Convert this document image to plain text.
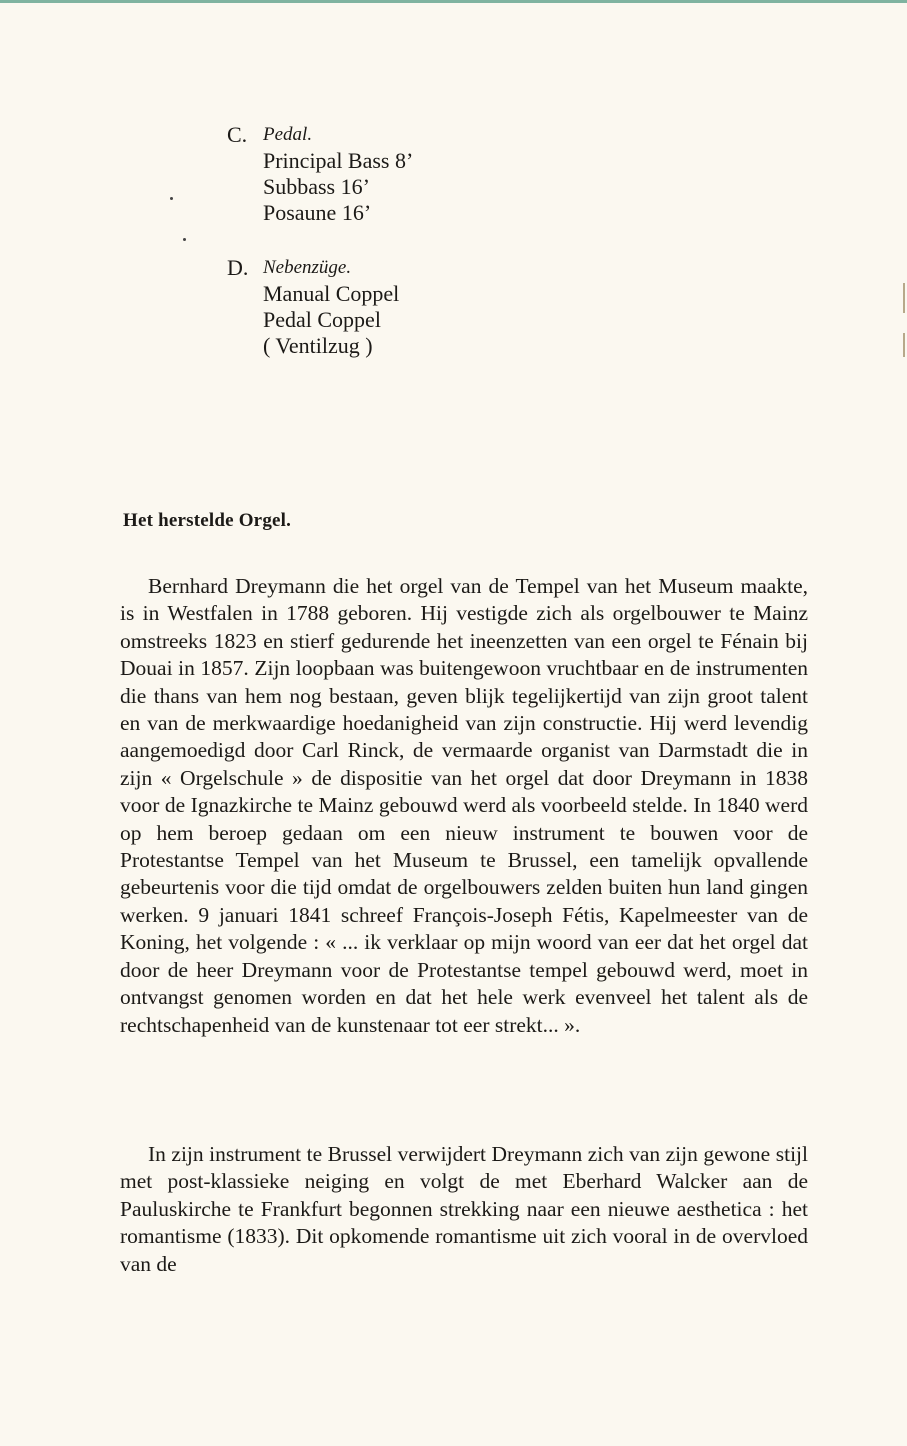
C. Pedal.
Principal Bass 8’
Subbass 16’
Posaune 16’
D. Nebenzüge.
Manual Coppel
Pedal Coppel
( Ventilzug )
Het herstelde Orgel.

Bernhard Dreymann die het orgel van de Tempel van het Museum maakte, is in Westfalen in 1788 geboren. Hij vestigde zich als orgelbouwer te Mainz omstreeks 1823 en stierf gedurende het ineenzetten van een orgel te Fénain bij Douai in 1857. Zijn loopbaan was buitengewoon vruchtbaar en de instrumenten die thans van hem nog bestaan, geven blijk tegelijkertijd van zijn groot talent en van de merkwaardige hoedanigheid van zijn constructie. Hij werd levendig aangemoedigd door Carl Rinck, de vermaarde organist van Darmstadt die in zijn « Orgelschule » de dispositie van het orgel dat door Dreymann in 1838 voor de Ignazkirche te Mainz gebouwd werd als voorbeeld stelde. In 1840 werd op hem beroep gedaan om een nieuw instrument te bouwen voor de Protestantse Tempel van het Museum te Brussel, een tamelijk opvallende gebeurtenis voor die tijd omdat de orgelbouwers zelden buiten hun land gingen werken. 9 januari 1841 schreef François-Joseph Fétis, Kapelmeester van de Koning, het volgende : « ... ik verklaar op mijn woord van eer dat het orgel dat door de heer Dreymann voor de Protestantse tempel gebouwd werd, moet in ontvangst genomen worden en dat het hele werk evenveel het talent als de rechtschapenheid van de kunstenaar tot eer strekt... ».

In zijn instrument te Brussel verwijdert Dreymann zich van zijn gewone stijl met post-klassieke neiging en volgt de met Eberhard Walcker aan de Pauluskirche te Frankfurt begonnen strekking naar een nieuwe aesthetica : het romantisme (1833). Dit opkomende romantisme uit zich vooral in de overvloed van de
